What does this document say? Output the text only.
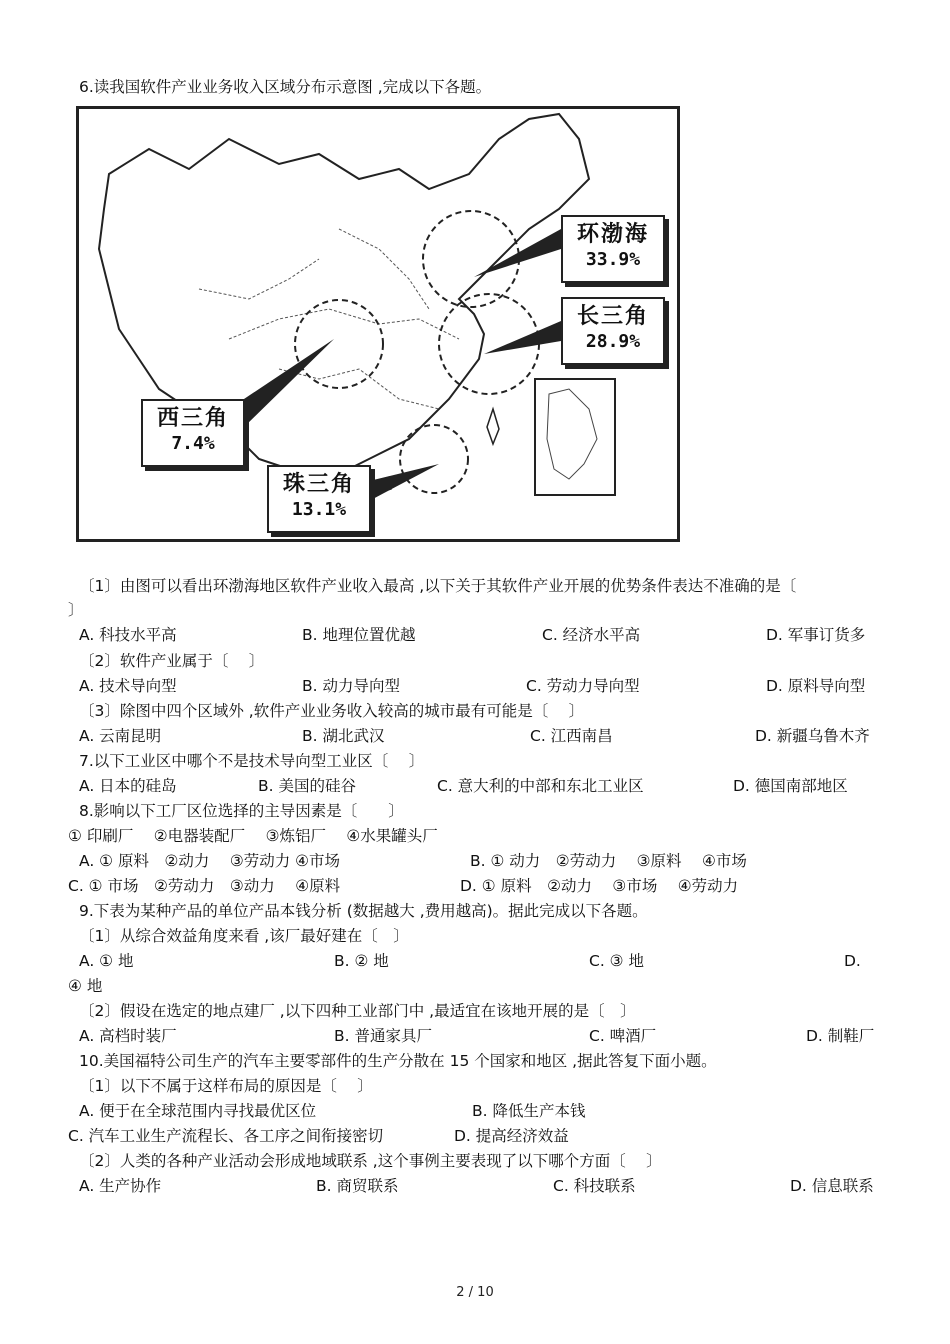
6.读我国软件产业业务收入区域分布示意图 ,完成以下各题。
环渤海
33.9%
长三角
28.9%
西三角
7.4%
珠三角
13.1%
〔1〕由图可以看出环渤海地区软件产业收入最高 ,以下关于其软件产业开展的优势条件表达不准确的是〔
〕
A. 科技水平高	B. 地理位置优越	C. 经济水平高	D. 军事订货多
〔2〕软件产业属于〔　 〕
A. 技术导向型	B. 动力导向型	C. 劳动力导向型	D. 原料导向型
〔3〕除图中四个区域外 ,软件产业业务收入较高的城市最有可能是〔　 〕
A. 云南昆明	B. 湖北武汉	C. 江西南昌	D. 新疆乌鲁木齐
7.以下工业区中哪个不是技术导向型工业区〔　 〕
A. 日本的硅岛	B. 美国的硅谷	C. 意大利的中部和东北工业区	D. 德国南部地区
8.影响以下工厂区位选择的主导因素是〔　　〕
① 印刷厂　 ②电器装配厂　 ③炼铝厂　 ④水果罐头厂
A. ① 原料　②动力　 ③劳动力 ④市场	B. ① 动力　②劳动力　 ③原料　 ④市场
C. ① 市场　②劳动力　③动力　 ④原料	D. ① 原料　②动力　 ③市场　 ④劳动力
9.下表为某种产品的单位产品本钱分析 (数据越大 ,费用越高)。据此完成以下各题。
〔1〕从综合效益角度来看 ,该厂最好建在〔　〕
A. ① 地	B. ② 地	C. ③ 地	D.
④ 地
〔2〕假设在选定的地点建厂 ,以下四种工业部门中 ,最适宜在该地开展的是〔　〕
A. 高档时装厂	B. 普通家具厂	C. 啤酒厂	D. 制鞋厂
10.美国福特公司生产的汽车主要零部件的生产分散在 15 个国家和地区 ,据此答复下面小题。
〔1〕以下不属于这样布局的原因是〔　 〕
A. 便于在全球范围内寻找最优区位	B. 降低生产本钱
C. 汽车工业生产流程长、各工序之间衔接密切	D. 提高经济效益
〔2〕人类的各种产业活动会形成地域联系 ,这个事例主要表现了以下哪个方面〔　 〕
A. 生产协作	B. 商贸联系	C. 科技联系	D. 信息联系
2 / 10
